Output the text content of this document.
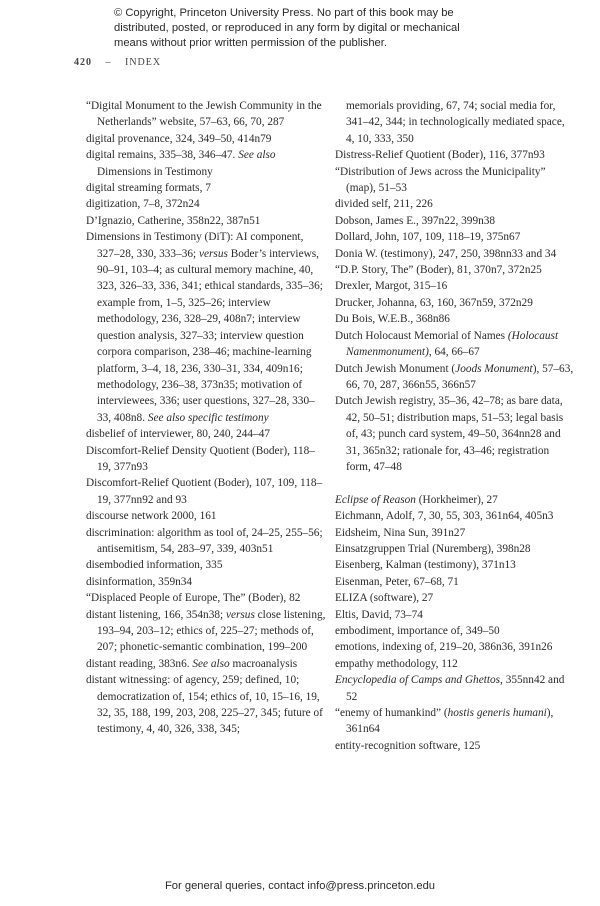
© Copyright, Princeton University Press. No part of this book may be
distributed, posted, or reproduced in any form by digital or mechanical
means without prior written permission of the publisher.
420 – INDEX
“Digital Monument to the Jewish Community in the Netherlands” website, 57–63, 66, 70, 287
digital provenance, 324, 349–50, 414n79
digital remains, 335–38, 346–47. See also Dimensions in Testimony
digital streaming formats, 7
digitization, 7–8, 372n24
D’Ignazio, Catherine, 358n22, 387n51
Dimensions in Testimony (DiT): AI component, 327–28, 330, 333–36; versus Boder’s interviews, 90–91, 103–4; as cultural memory machine, 40, 323, 326–33, 336, 341; ethical standards, 335–36; example from, 1–5, 325–26; interview methodology, 236, 328–29, 408n7; interview question analysis, 327–33; interview question corpora comparison, 238–46; machine-learning platform, 3–4, 18, 236, 330–31, 334, 409n16; methodology, 236–38, 373n35; motivation of interviewees, 336; user questions, 327–28, 330–33, 408n8. See also specific testimony
disbelief of interviewer, 80, 240, 244–47
Discomfort-Relief Density Quotient (Boder), 118–19, 377n93
Discomfort-Relief Quotient (Boder), 107, 109, 118–19, 377nn92 and 93
discourse network 2000, 161
discrimination: algorithm as tool of, 24–25, 255–56; antisemitism, 54, 283–97, 339, 403n51
disembodied information, 335
disinformation, 359n34
“Displaced People of Europe, The” (Boder), 82
distant listening, 166, 354n38; versus close listening, 193–94, 203–12; ethics of, 225–27; methods of, 207; phonetic-semantic combination, 199–200
distant reading, 383n6. See also macroanalysis
distant witnessing: of agency, 259; defined, 10; democratization of, 154; ethics of, 10, 15–16, 19, 32, 35, 188, 199, 203, 208, 225–27, 345; future of testimony, 4, 40, 326, 338, 345;
memorials providing, 67, 74; social media for, 341–42, 344; in technologically mediated space, 4, 10, 333, 350
Distress-Relief Quotient (Boder), 116, 377n93
“Distribution of Jews across the Municipality” (map), 51–53
divided self, 211, 226
Dobson, James E., 397n22, 399n38
Dollard, John, 107, 109, 118–19, 375n67
Donia W. (testimony), 247, 250, 398nn33 and 34
“D.P. Story, The” (Boder), 81, 370n7, 372n25
Drexler, Margot, 315–16
Drucker, Johanna, 63, 160, 367n59, 372n29
Du Bois, W.E.B., 368n86
Dutch Holocaust Memorial of Names (Holocaust Namenmonument), 64, 66–67
Dutch Jewish Monument (Joods Monument), 57–63, 66, 70, 287, 366n55, 366n57
Dutch Jewish registry, 35–36, 42–78; as bare data, 42, 50–51; distribution maps, 51–53; legal basis of, 43; punch card system, 49–50, 364nn28 and 31, 365n32; rationale for, 43–46; registration form, 47–48
Eclipse of Reason (Horkheimer), 27
Eichmann, Adolf, 7, 30, 55, 303, 361n64, 405n3
Eidsheim, Nina Sun, 391n27
Einsatzgruppen Trial (Nuremberg), 398n28
Eisenberg, Kalman (testimony), 371n13
Eisenman, Peter, 67–68, 71
ELIZA (software), 27
Eltis, David, 73–74
embodiment, importance of, 349–50
emotions, indexing of, 219–20, 386n36, 391n26
empathy methodology, 112
Encyclopedia of Camps and Ghettos, 355nn42 and 52
“enemy of humankind” (hostis generis humani), 361n64
entity-recognition software, 125
For general queries, contact info@press.princeton.edu
